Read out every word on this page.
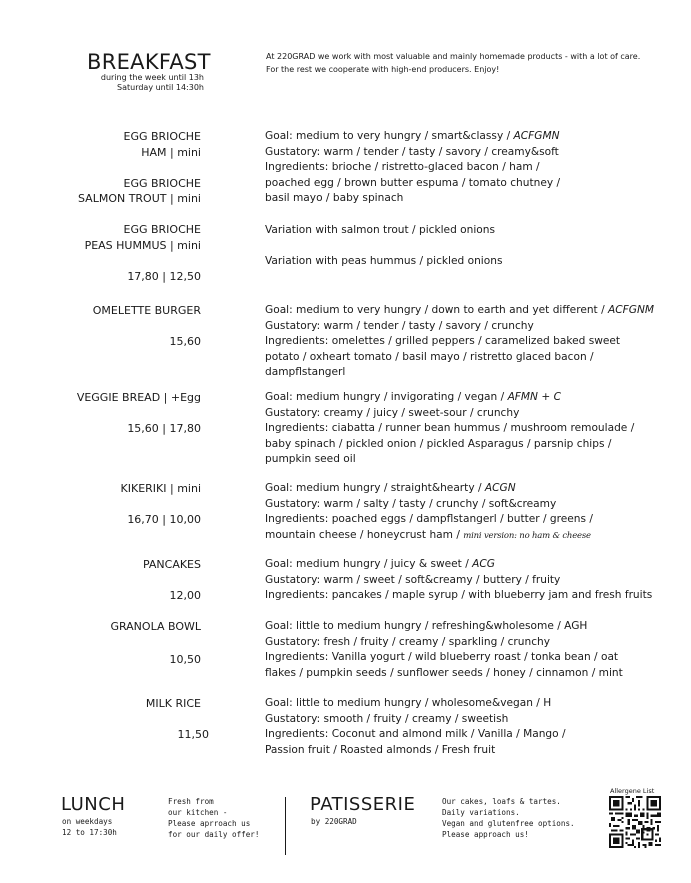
BREAKFAST
during the week until 13h
Saturday until 14:30h
At 220GRAD we work with most valuable and mainly homemade products - with a lot of care.
For the rest we cooperate with high-end producers. Enjoy!
EGG BRIOCHE
HAM | mini
EGG BRIOCHE
SALMON TROUT | mini
EGG BRIOCHE
PEAS HUMMUS | mini
17,80 | 12,50
Goal: medium to very hungry / smart&classy / ACFGMN
Gustatory: warm / tender / tasty / savory / creamy&soft
Ingredients: brioche / ristretto-glaced bacon / ham /
poached egg / brown butter espuma / tomato chutney /
basil mayo / baby spinach
Variation with salmon trout / pickled onions
Variation with peas hummus / pickled onions
OMELETTE BURGER
15,60
Goal: medium to very hungry / down to earth and yet different / ACFGNM
Gustatory: warm / tender / tasty / savory / crunchy
Ingredients: omelettes / grilled peppers / caramelized baked sweet
potato / oxheart tomato / basil mayo / ristretto glaced bacon /
dampflstangerl
VEGGIE BREAD | +Egg
15,60 | 17,80
Goal: medium hungry / invigorating / vegan / AFMN + C
Gustatory: creamy / juicy / sweet-sour / crunchy
Ingredients: ciabatta / runner bean hummus / mushroom remoulade /
baby spinach / pickled onion / pickled Asparagus / parsnip chips /
pumpkin seed oil
KIKERIKI | mini
16,70 | 10,00
Goal: medium hungry / straight&hearty / ACGN
Gustatory: warm / salty / tasty / crunchy / soft&creamy
Ingredients: poached eggs / dampflstangerl / butter / greens /
mountain cheese / honeycrust ham / mini version: no ham & cheese
PANCAKES
12,00
Goal: medium hungry / juicy & sweet / ACG
Gustatory: warm / sweet / soft&creamy / buttery / fruity
Ingredients: pancakes / maple syrup / with blueberry jam and fresh fruits
GRANOLA BOWL
10,50
Goal: little to medium hungry / refreshing&wholesome / AGH
Gustatory: fresh / fruity / creamy / sparkling / crunchy
Ingredients: Vanilla yogurt / wild blueberry roast / tonka bean / oat
flakes / pumpkin seeds / sunflower seeds / honey / cinnamon / mint
MILK RICE
11,50
Goal: little to medium hungry / wholesome&vegan / H
Gustatory: smooth / fruity / creamy / sweetish
Ingredients: Coconut and almond milk / Vanilla / Mango /
Passion fruit / Roasted almonds / Fresh fruit
LUNCH
on weekdays
12 to 17:30h
Fresh from
our kitchen -
Please aprroach us
for our daily offer!
PATISSERIE
by 220GRAD
Our cakes, loafs & tartes.
Daily variations.
Vegan and glutenfree options.
Please approach us!
Allergene List
